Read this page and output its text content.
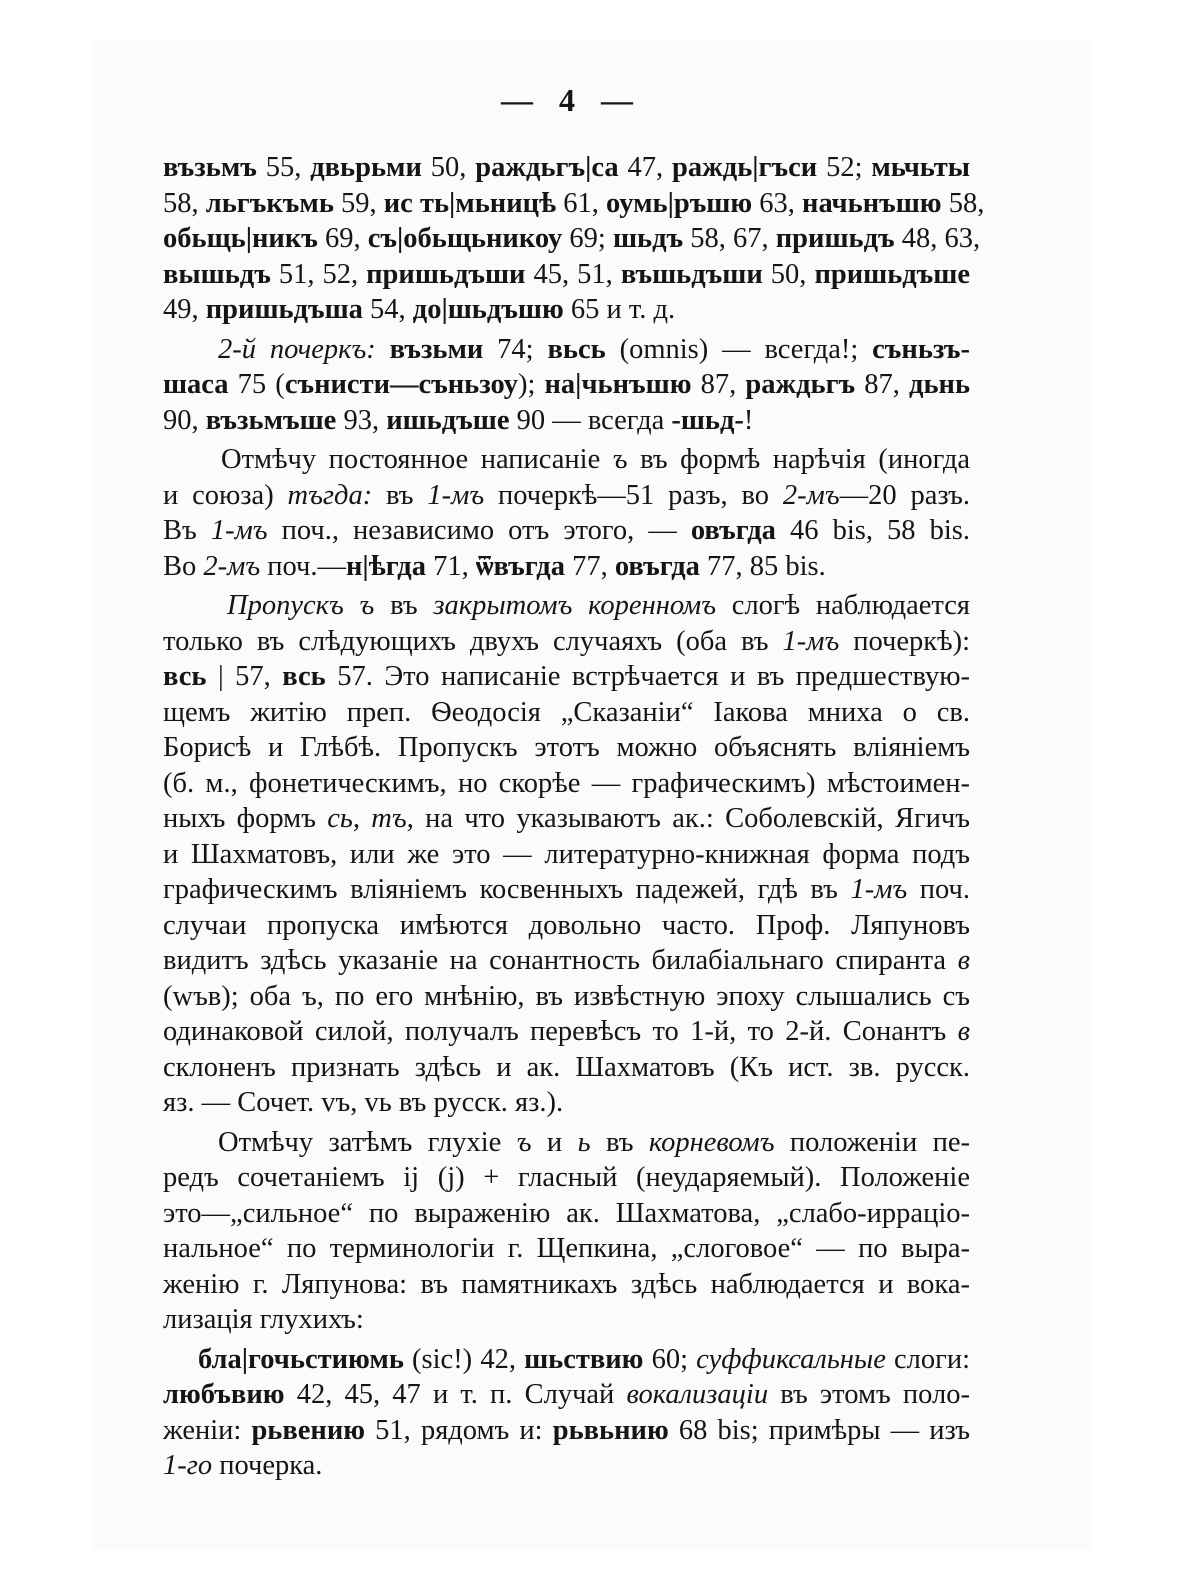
— 4 —
възьмъ 55, двьрьми 50, раждьгъ|са 47, раждь|гъси 52; мьчьты
58, льгъкъмь 59, ис ть|мьницѣ 61, оумь|ръшю 63, начьнъшю 58,
обьщь|никъ 69, съ|обьщьникоу 69; шьдъ 58, 67, пришьдъ 48, 63,
вышьдъ 51, 52, пришьдъши 45, 51, въшьдъши 50, пришьдъше
49, пришьдъша 54, до|шьдъшю 65 и т. д.
2-й почеркъ: възьми 74; вьсь (omnis) — всегда!; съньзъ-
шаса 75 (сънисти—съньзоу); на|чьнъшю 87, раждьгъ 87, дьнь
90, възьмъше 93, ишьдъше 90 — всегда -шьд-!
Отмѣчу постоянное написаніе ъ въ формѣ нарѣчія (иногда
и союза) тъгда: въ 1-мъ почеркѣ—51 разъ, во 2-мъ—20 разъ.
Въ 1-мъ поч., независимо отъ этого, — овъгда 46 bis, 58 bis.
Во 2-мъ поч.—н|ѣгда 71, ѿвъгда 77, овъгда 77, 85 bis.
Пропускъ ъ въ закрытомъ коренномъ слогѣ наблюдается
только въ слѣдующихъ двухъ случаяхъ (оба въ 1-мъ почеркѣ):
всь | 57, всь 57. Это написаніе встрѣчается и въ предшествую-
щемъ житію преп. Ѳеодосія „Сказаніи“ Іакова мниха о св.
Борисѣ и Глѣбѣ. Пропускъ этотъ можно объяснять вліяніемъ
(б. м., фонетическимъ, но скорѣе — графическимъ) мѣстоимен-
ныхъ формъ сь, тъ, на что указываютъ ак.: Соболевскій, Ягичъ
и Шахматовъ, или же это — литературно-книжная форма подъ
графическимъ вліяніемъ косвенныхъ падежей, гдѣ въ 1-мъ поч.
случаи пропуска имѣются довольно часто. Проф. Ляпуновъ
видитъ здѣсь указаніе на сонантность билабіальнаго спиранта в
(wъв); оба ъ, по его мнѣнію, въ извѣстную эпоху слышались съ
одинаковой силой, получалъ перевѣсъ то 1-й, то 2-й. Сонантъ в
склоненъ признать здѣсь и ак. Шахматовъ (Къ ист. зв. русск.
яз. — Сочет. vъ, vь въ русск. яз.).
Отмѣчу затѣмъ глухіе ъ и ь въ корневомъ положеніи пе-
редъ сочетаніемъ ij (j) + гласный (неударяемый). Положеніе
это—„сильное“ по выраженію ак. Шахматова, „слабо-ирраціо-
нальное“ по терминологіи г. Щепкина, „слоговое“ — по выра-
женію г. Ляпунова: въ памятникахъ здѣсь наблюдается и вока-
лизація глухихъ:
бла|гочьстиюмь (sic!) 42, шьствию 60; суффиксальные слоги:
любъвию 42, 45, 47 и т. п. Случай вокализаціи въ этомъ поло-
женіи: рьвению 51, рядомъ и: рьвьнию 68 bis; примѣры — изъ
1-го почерка.
